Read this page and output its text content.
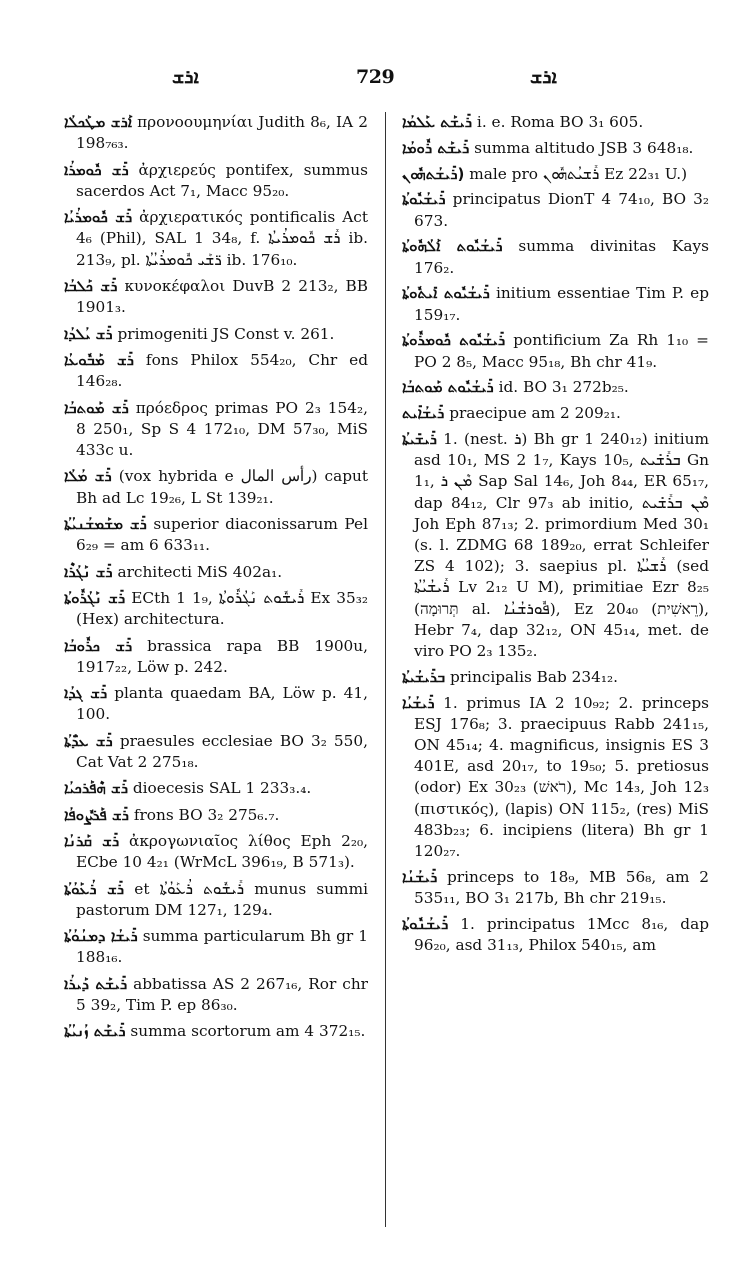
ܐܪܫ	729	ܐܪܫ

ܐܰܪܫ ܡܛܰܟܠܳܐ προνοουμηνίαι Judith 8₆, IA 2 198₇₆₃.

ܪܺܫ ܟܽܘܡܪܳܐ ἀρχιερεύς pontifex, summus sacerdos Act 7₁, Macc 95₂₀.

ܪܺܫ ܟܽܘܡܪܳܝܳܐ ἀρχιερατικός pontificalis Act 4₆ (Phil), SAL 1 34₈, f. ܪܺܫ ܟܽܘܡܪܳܝܬܳܐ ib. 213₉, pl. ܪ̈ܫܰܝ ܟܽܘܡܪܳܝܳܬܳܐ ib. 176₁₀.

ܪܺܫ ܟܰܠܒܳܐ κυνοκέφαλοι DuvB 2 213₂, BB 1901₃.

ܪܺܫ ܝܳܠܕܳܐ primogeniti JS Const v. 261.

ܪܺܫ ܡܰܒܽܘܥܳܐ fons Philox 554₂₀, Chr ed 146₂₈.

ܪܺܫ ܡܰܘܬܒܳܐ πρόεδρος primas PO 2₃ 154₂, 8 250₁, Sp S 4 172₁₀, DM 57₃₀, MiS 433c u.

ܪܺܫ ܡܳܠܳܐ (vox hybrida e رأس المال) caput Bh ad Lc 19₂₆, L St 139₂₁.

ܪܺܫ ܡܫܰܡܫܳܢܝܳܬܳܐ superior diaconissarum Pel 6₂₉ = am 6 633₁₁.

ܪܺܫ ܢܰܓܳܪܶܐ architecti MiS 402a₁.

ܪܺܫ ܢܰܓܳܪܽܘܬܳܐ ECth 1 1₉, ܪܺܝܫܽܘܬ ܢܰܓܳܪܽܘܬܳܐ Ex 35₃₂ (Hex) architectura.

ܪܺܫ ܟܪܽܘܒܳܐ brassica rapa BB 1900u, 1917₂₂, Löw p. 242.

ܪܺܫ ܓܕܳܐ planta quaedam BA, Löw p. 41, 100.

ܪܺܫ ܥܕ̈ܳܬܳܐ praesules ecclesiae BO 3₂ 550, Cat Vat 2 275₁₈.

ܪܺܫ ܗܶܦܰܪܟܝܳܐ dioecesis SAL 1 233₃.₄.

ܪܺܫ ܦܰܪܨܽܘܦܳܐ frons BO 3₂ 275₆.₇.

ܪܺܫ ܩܰܪܢܳܐ ἀκρογωνιαῖος λίθος Eph 2₂₀, ECbe 10 4₂₁ (WrMcL 396₁₉, B 571₃).

ܪܺܫ ܪܳܥܰܘܳܬܳܐ et ܪܺܝܫܽܘܬ ܪܳܥܰܘܳܬܳܐ munus summi pastorum DM 127₁, 129₄.

ܪܺܝܫܳܐ ܕܡܢܳܘܳܬܳܐ summa particularum Bh gr 1 188₁₆.

ܪܺܝܫܰܬ ܕܰܝܪܳܐ abbatissa AS 2 267₁₆, Ror chr 5 39₂, Tim P. ep 86₃₀.

ܪܺܝܫܰܬ ܙܳܢܝܳܬܳܐ summa scortorum am 4 372₁₅.

ܪܺܝܫܰܬ ܥܰܠܡܳܐ i. e. Roma BO 3₁ 605.

ܪܺܝܫܰܬ ܪܽܘܡܳܐ summa altitudo JSB 3 648₁₈.

(ܪܺܝܫܳܬܗܽܘܢ male pro ܪܺܫܝܳܬܗܽܘܢ Ez 22₃₁ U.)

ܪܺܝܫܳܝܽܘܬܳܐ principatus DionT 4 74₁₀, BO 3₂ 673.

ܪܺܝܫܳܝܽܘܬ ܐܰܠܳܗܽܘܬܳܐ summa divinitas Kays 176₂.

ܪܺܝܫܳܝܽܘܬ ܐܺܝܬܽܘܬܳܐ initium essentiae Tim P. ep 159₁₇.

ܪܺܝܫܳܝܽܘܬ ܟܽܘܡܪܽܘܬܳܐ pontificium Za Rh 1₁₀ = PO 2 8₅, Macc 95₁₈, Bh chr 41₉.

ܪܺܝܫܳܝܽܘܬ ܡܰܘܬܒܳܐ id. BO 3₁ 272b₂₅.

ܪܺܝܫܳܐܺܝܬ praecipue am 2 209₂₁.

ܪܺܝܫܺܝܬܳܐ 1. (nest. ܪ) Bh gr 1 240₁₂) initium asd 10₁, MS 2 1₇, Kays 10₅, ܒܪܺܫܺܝܬ Gn 1₁, ܡܶܢ ܪ Sap Sal 14₆, Joh 8₄₄, ER 65₁₇, dap 84₁₂, Clr 97₃ ab initio, ܡܶܢ ܒܪܺܫܺܝܬ Joh Eph 87₁₃; 2. primordium Med 30₁ (s. l. ZDMG 68 189₂₀, errat Schleifer ZS 4 102); 3. saepius pl. ܪܺܫܝܳܬܳܐ (sed ܪܺܝܫܳܝܳܬܳܐ Lv 2₁₂ U M), primitiae Ezr 8₂₅ (תְּרוּמָה al. ܦܽܘܪܫܳܢܳܐ), Ez 20₄₀ (רֵאשִׁית), Hebr 7₄, dap 32₁₂, ON 45₁₄, met. de viro PO 2₃ 135₂.

ܒܪܺܝܫܳܝܬܳܐ principalis Bab 234₁₂.

ܪܺܝܫܳܝܳܐ 1. primus IA 2 10₉₂; 2. princeps ESJ 176₈; 3. praecipuus Rabb 241₁₅, ON 45₁₄; 4. magnificus, insignis ES 3 401E, asd 20₁₇, to 19₅₀; 5. pretiosus (odor) Ex 30₂₃ (רֹאשׁ), Mc 14₃, Joh 12₃ (πιστικός), (lapis) ON 115₂, (res) MiS 483b₂₃; 6. incipiens (litera) Bh gr 1 120₂₇.

ܪܺܝܫܳܢܳܐ princeps to 18₉, MB 56₈, am 2 535₁₁, BO 3₁ 217b, Bh chr 219₁₅.

ܪܺܝܫܳܢܽܘܬܳܐ 1. principatus 1Mcc 8₁₆, dap 96₂₀, asd 31₁₃, Philox 540₁₅, am
